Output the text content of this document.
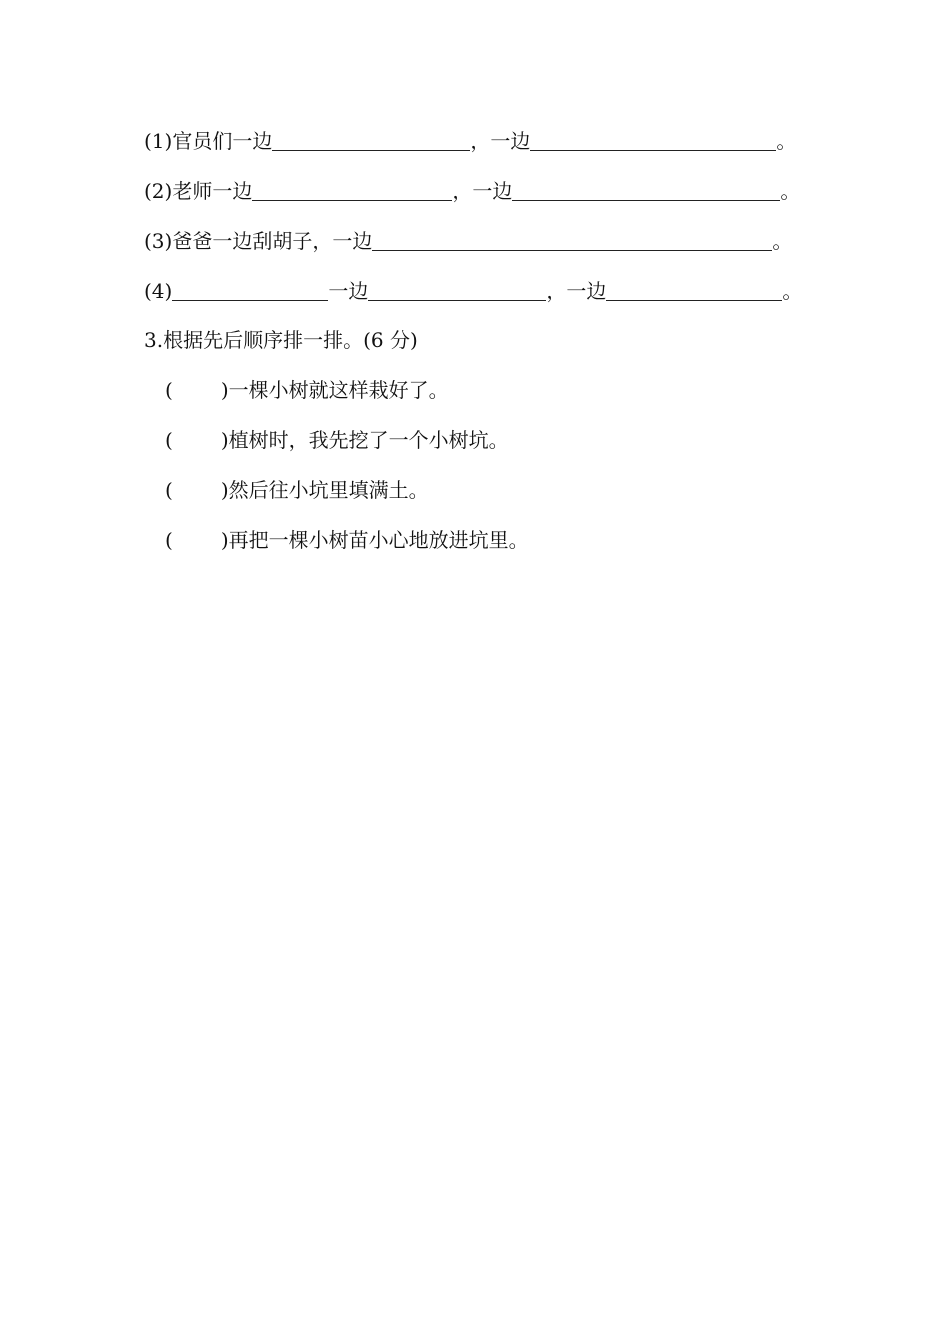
(1)官员们一边	，一边	。
(2)老师一边	，一边	。
(3)爸爸一边刮胡子，一边	。
(4)	一边	，一边	。
3.根据先后顺序排一排。(6 分)
( ) 一棵小树就这样栽好了。
( ) 植树时，我先挖了一个小树坑。
( ) 然后往小坑里填满土。
( ) 再把一棵小树苗小心地放进坑里。
